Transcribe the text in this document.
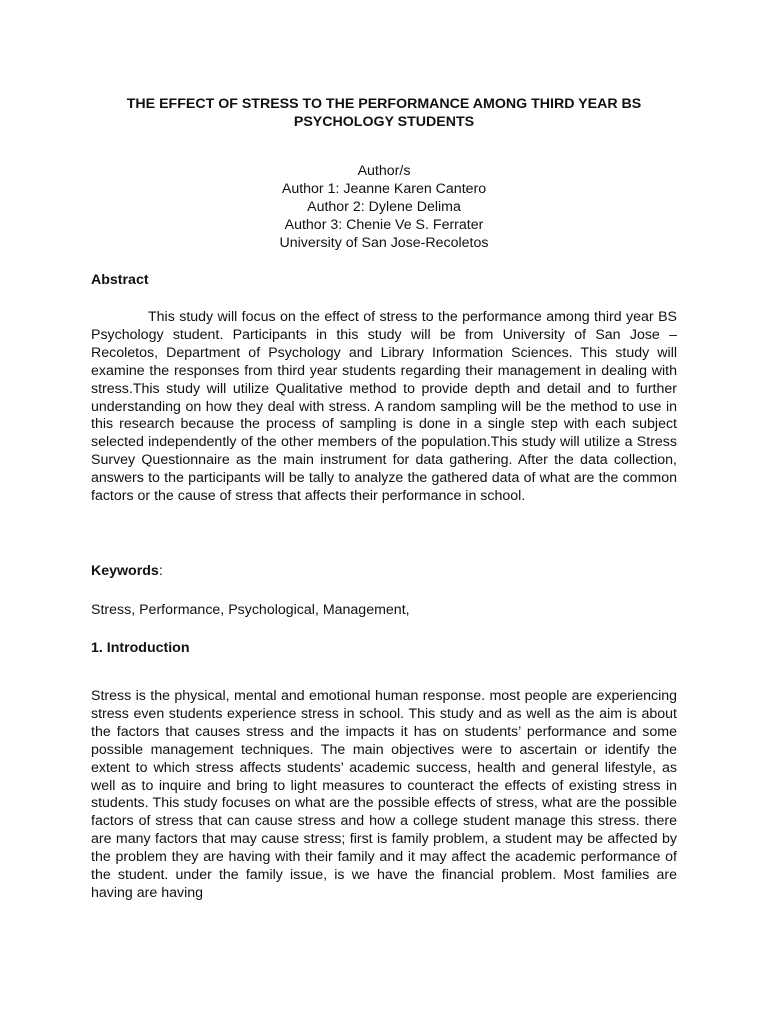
THE EFFECT OF STRESS TO THE PERFORMANCE AMONG THIRD YEAR BS
PSYCHOLOGY STUDENTS
Author/s
Author 1: Jeanne Karen Cantero
Author 2: Dylene Delima
Author 3: Chenie Ve S. Ferrater
University of San Jose-Recoletos
Abstract

This study will focus on the effect of stress to the performance among third year BS Psychology student. Participants in this study will be from University of San Jose – Recoletos, Department of Psychology and Library Information Sciences. This study will examine the responses from third year students regarding their management in dealing with stress.This study will utilize Qualitative method to provide depth and detail and to further understanding on how they deal with stress. A random sampling will be the method to use in this research because the process of sampling is done in a single step with each subject selected independently of the other members of the population.This study will utilize a Stress Survey Questionnaire as the main instrument for data gathering. After the data collection, answers to the participants will be tally to analyze the gathered data of what are the common factors or the cause of stress that affects their performance in school.

Keywords:

Stress, Performance, Psychological, Management,

1. Introduction

Stress is the physical, mental and emotional human response. most people are experiencing stress even students experience stress in school. This study and as well as the aim is about the factors that causes stress and the impacts it has on students’ performance and some possible management techniques. The main objectives were to ascertain or identify the extent to which stress affects students’ academic success, health and general lifestyle, as well as to inquire and bring to light measures to counteract the effects of existing stress in students. This study focuses on what are the possible effects of stress, what are the possible factors of stress that can cause stress and how a college student manage this stress. there are many factors that may cause stress; first is family problem, a student may be affected by the problem they are having with their family and it may affect the academic performance of the student. under the family issue, is we have the financial problem. Most families are having are having
